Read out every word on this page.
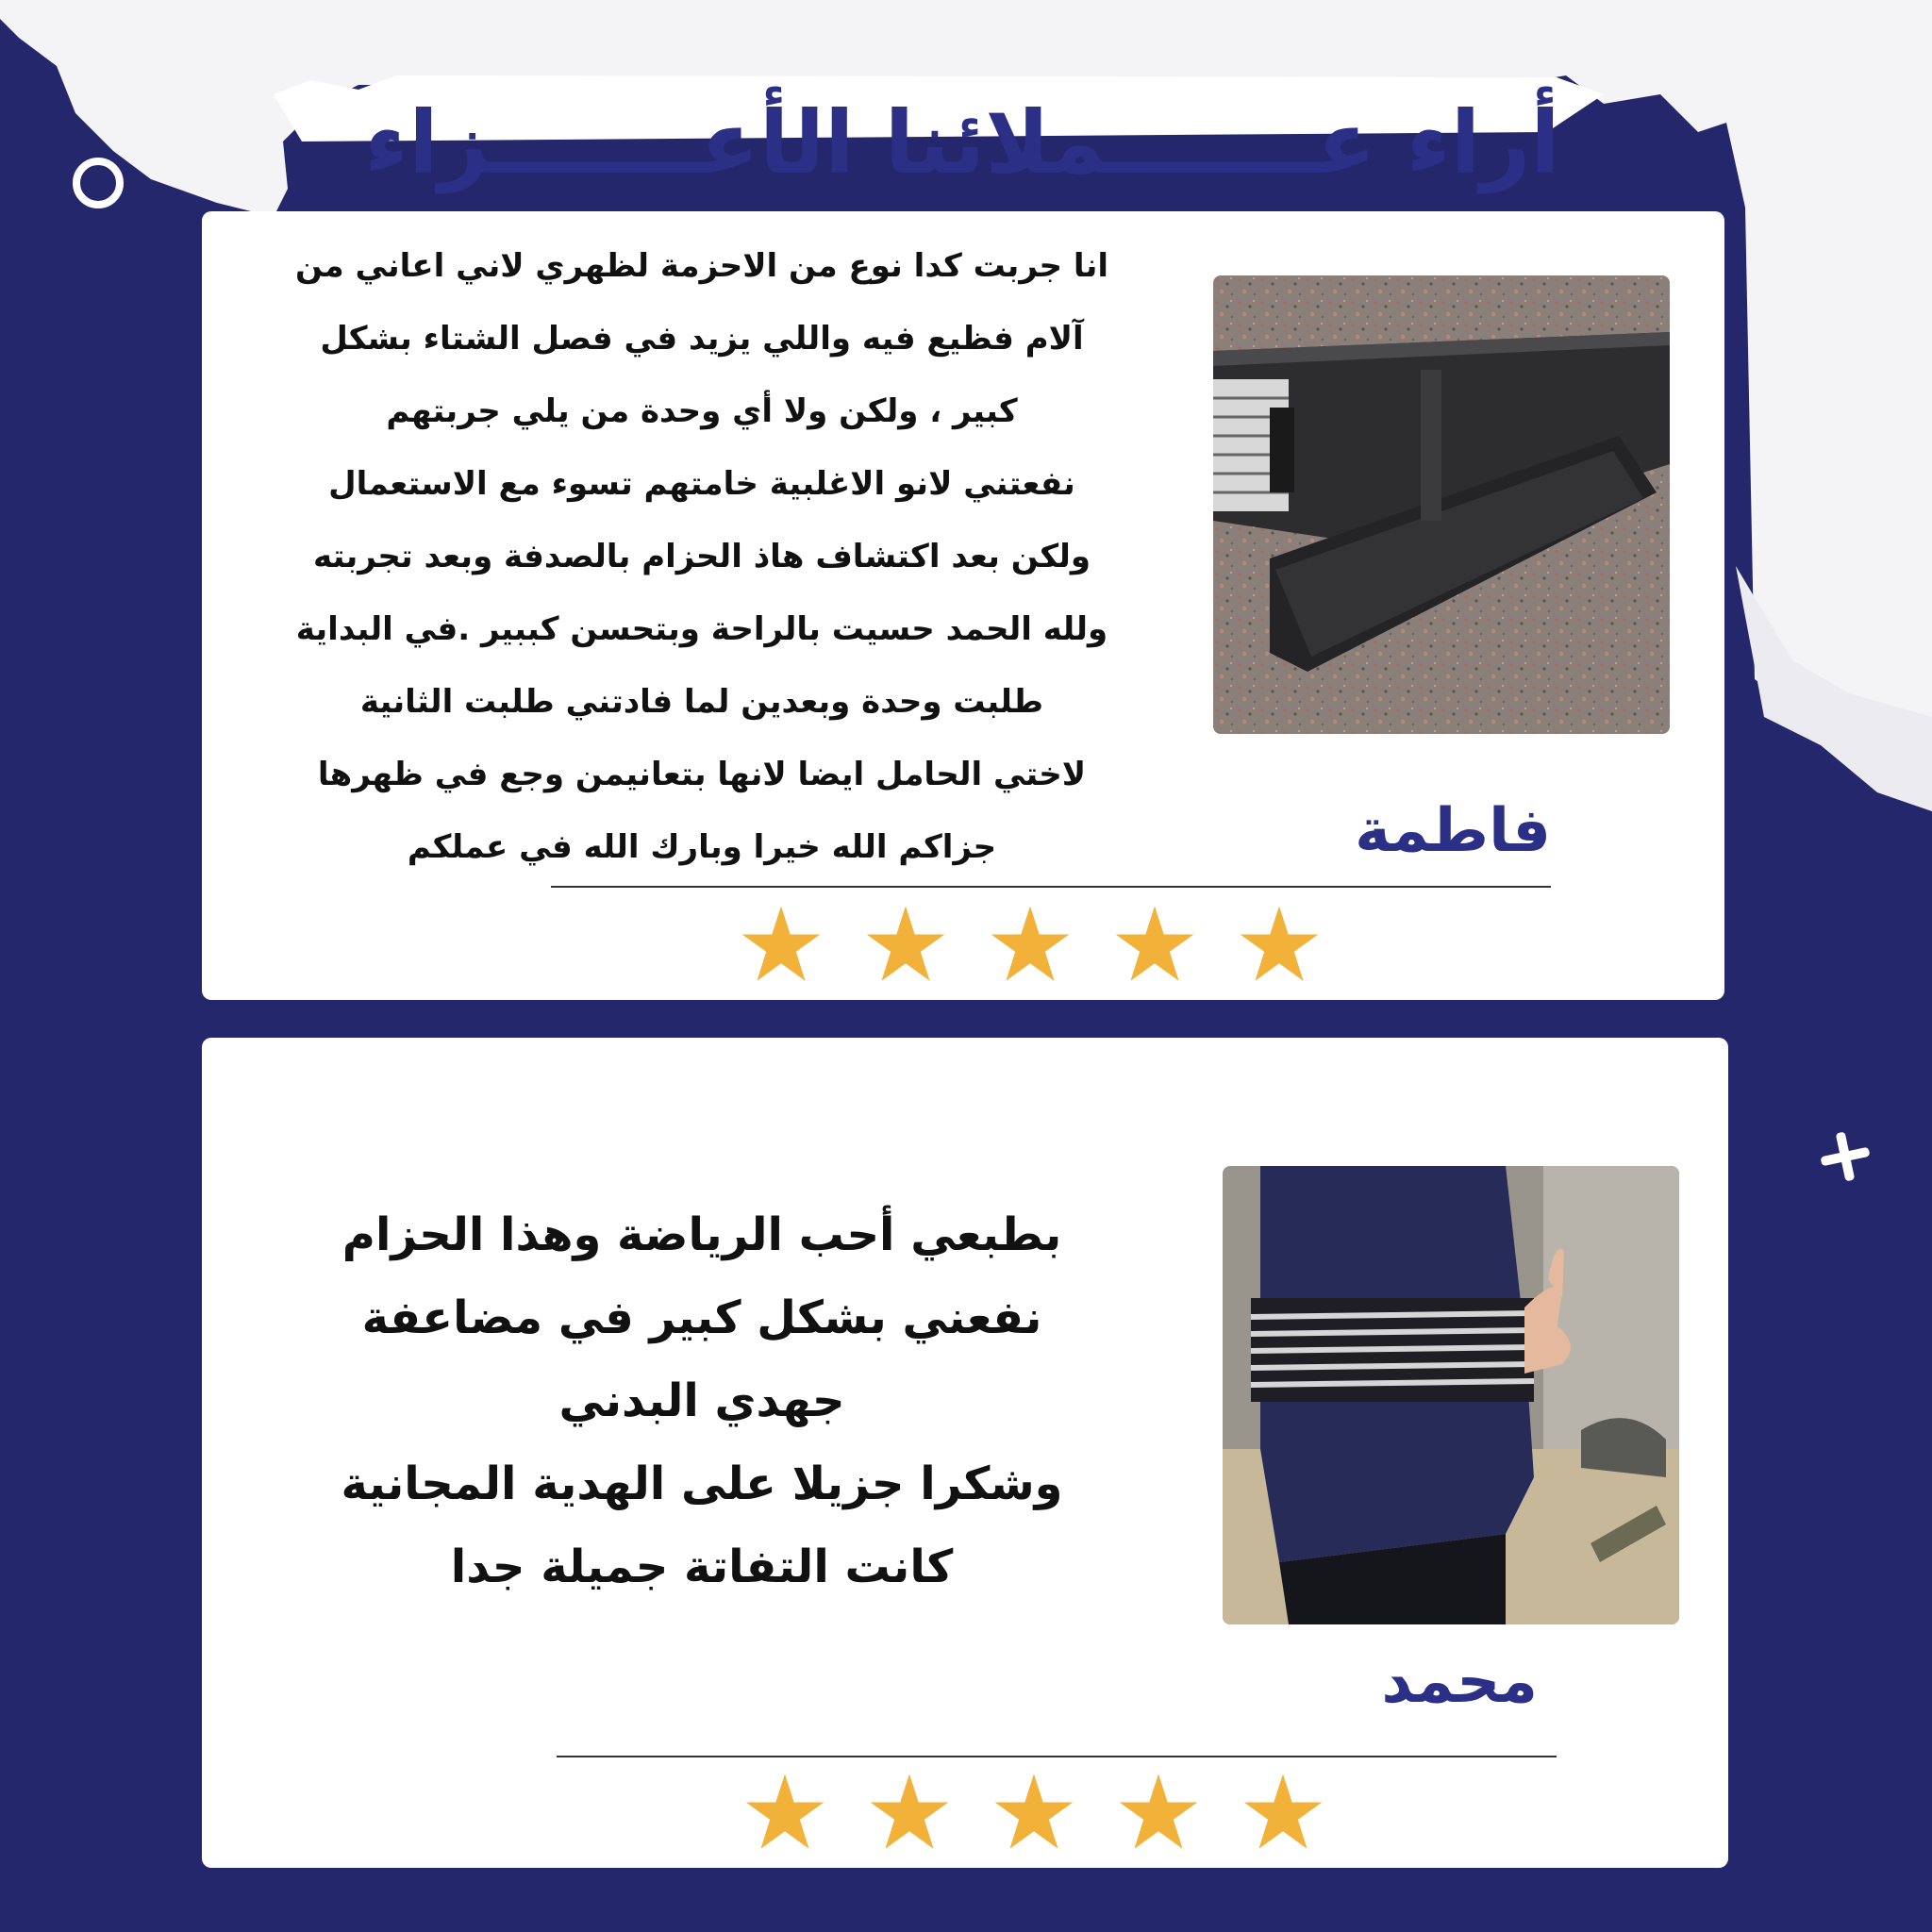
أراء عـــــــملائنا الأعـــــــزاء

انا جربت كدا نوع من الاحزمة لظهري لاني اعاني من
آلام فظيع فيه واللي يزيد في فصل الشتاء بشكل
كبير ، ولكن ولا أي وحدة من يلي جربتهم
نفعتني لانو الاغلبية خامتهم تسوء مع الاستعمال
ولكن بعد اكتشاف هاذ الحزام بالصدفة وبعد تجربته
ولله الحمد حسيت بالراحة وبتحسن كببير .في البداية
طلبت وحدة وبعدين لما فادتني طلبت الثانية
لاختي الحامل ايضا لانها بتعانيمن وجع في ظهرها
جزاكم الله خيرا وبارك الله في عملكم	فاطمة

بطبعي أحب الرياضة وهذا الحزام
نفعني بشكل كبير في مضاعفة
جهدي البدني
وشكرا جزيلا على الهدية المجانية
كانت التفاتة جميلة جدا

محمد
